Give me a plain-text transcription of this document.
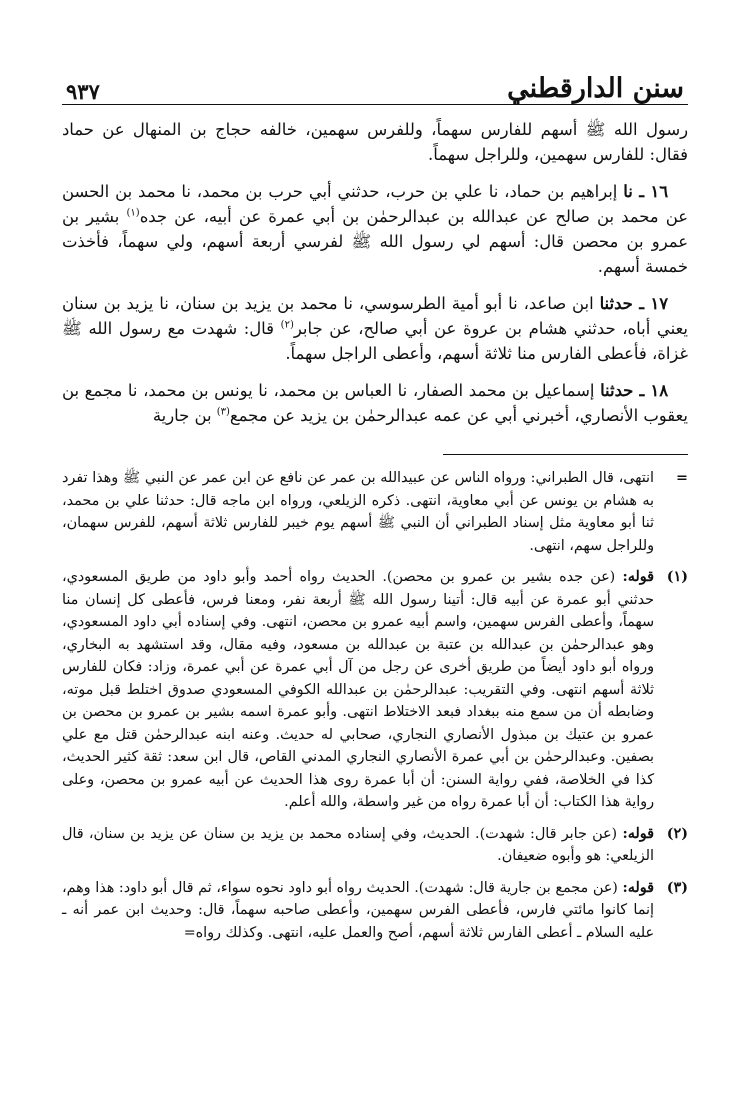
سنن الدارقطني
٩٣٧

رسول الله ﷺ أسهم للفارس سهماً، وللفرس سهمين، خالفه حجاج بن المنهال عن حماد فقال: للفارس سهمين، وللراجل سهماً.

١٦ ـ نا إبراهيم بن حماد، نا علي بن حرب، حدثني أبي حرب بن محمد، نا محمد بن الحسن عن محمد بن صالح عن عبدالله بن عبدالرحمٰن بن أبي عمرة عن أبيه، عن جده$^{(١)}$ بشير بن عمرو بن محصن قال: أسهم لي رسول الله ﷺ لفرسي أربعة أسهم، ولي سهماً، فأخذت خمسة أسهم.

١٧ ـ حدثنا ابن صاعد، نا أبو أمية الطرسوسي، نا محمد بن يزيد بن سنان، نا يزيد بن سنان يعني أباه، حدثني هشام بن عروة عن أبي صالح، عن جابر$^{(٢)}$ قال: شهدت مع رسول الله ﷺ غزاة، فأعطى الفارس منا ثلاثة أسهم، وأعطى الراجل سهماً.

١٨ ـ حدثنا إسماعيل بن محمد الصفار، نا العباس بن محمد، نا يونس بن محمد، نا مجمع بن يعقوب الأنصاري، أخبرني أبي عن عمه عبدالرحمٰن بن يزيد عن مجمع$^{(٣)}$ بن جارية

=
انتهى، قال الطبراني: ورواه الناس عن عبيدالله بن عمر عن نافع عن ابن عمر عن النبي ﷺ وهذا تفرد به هشام بن يونس عن أبي معاوية، انتهى. ذكره الزيلعي، ورواه ابن ماجه قال: حدثنا علي بن محمد، ثنا أبو معاوية مثل إسناد الطبراني أن النبي ﷺ أسهم يوم خيبر للفارس ثلاثة أسهم، للفرس سهمان، وللراجل سهم، انتهى.
(١)
قوله: (عن جده بشير بن عمرو بن محصن). الحديث رواه أحمد وأبو داود من طريق المسعودي، حدثني أبو عمرة عن أبيه قال: أتينا رسول الله ﷺ أربعة نفر، ومعنا فرس، فأعطى كل إنسان منا سهماً، وأعطى الفرس سهمين، واسم أبيه عمرو بن محصن، انتهى. وفي إسناده أبي داود المسعودي، وهو عبدالرحمٰن بن عبدالله بن عتبة بن عبدالله بن مسعود، وفيه مقال، وقد استشهد به البخاري، ورواه أبو داود أيضاً من طريق أخرى عن رجل من آل أبي عمرة عن أبي عمرة، وزاد: فكان للفارس ثلاثة أسهم انتهى. وفي التقريب: عبدالرحمٰن بن عبدالله الكوفي المسعودي صدوق اختلط قبل موته، وضابطه أن من سمع منه ببغداد فبعد الاختلاط انتهى. وأبو عمرة اسمه بشير بن عمرو بن محصن بن عمرو بن عتيك بن مبذول الأنصاري النجاري، صحابي له حديث. وعنه ابنه عبدالرحمٰن قتل مع علي بصفين. وعبدالرحمٰن بن أبي عمرة الأنصاري النجاري المدني القاص، قال ابن سعد: ثقة كثير الحديث، كذا في الخلاصة، ففي رواية السنن: أن أبا عمرة روى هذا الحديث عن أبيه عمرو بن محصن، وعلى رواية هذا الكتاب: أن أبا عمرة رواه من غير واسطة، والله أعلم.
(٢)
قوله: (عن جابر قال: شهدت). الحديث، وفي إسناده محمد بن يزيد بن سنان عن يزيد بن سنان، قال الزيلعي: هو وأبوه ضعيفان.
(٣)
قوله: (عن مجمع بن جارية قال: شهدت). الحديث رواه أبو داود نحوه سواء، ثم قال أبو داود: هذا وهم، إنما كانوا مائتي فارس، فأعطى الفرس سهمين، وأعطى صاحبه سهماً، قال: وحديث ابن عمر أنه ـ عليه السلام ـ أعطى الفارس ثلاثة أسهم، أصح والعمل عليه، انتهى. وكذلك رواه=
